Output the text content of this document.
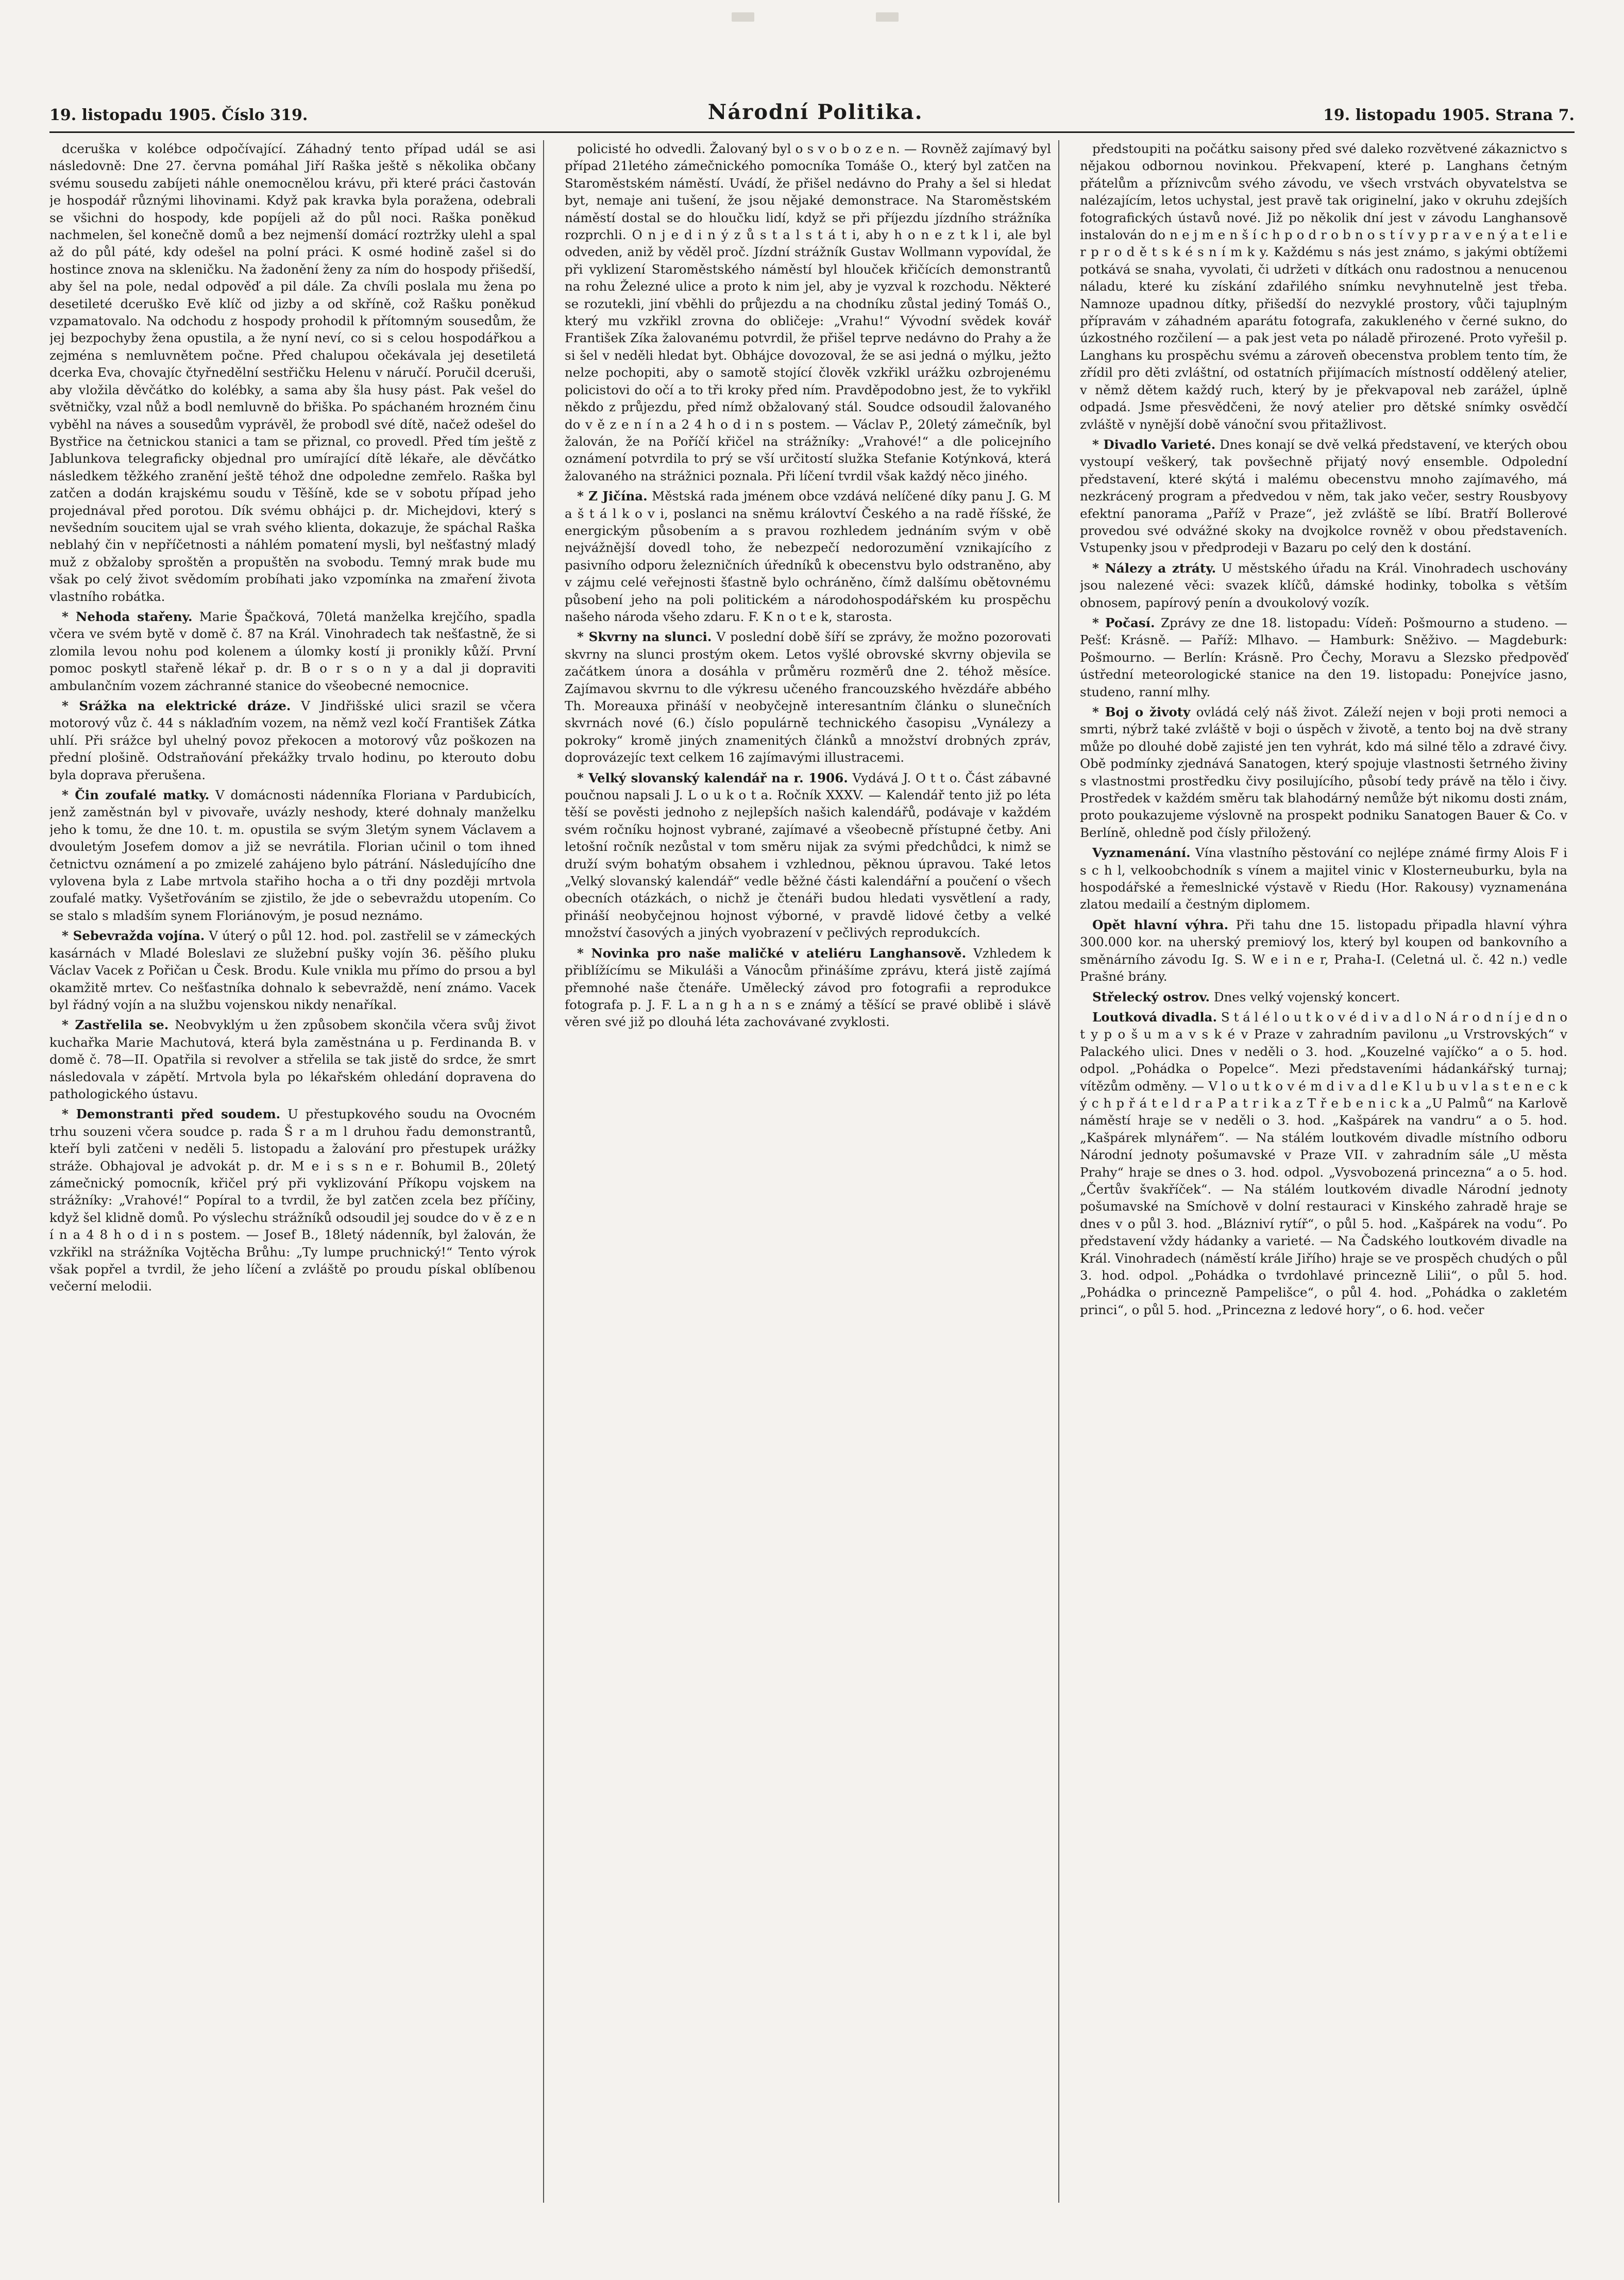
19. listopadu 1905. Číslo 319.	Národní Politika.	19. listopadu 1905. Strana 7.

dceruška v kolébce odpočívající. Záhadný tento případ udál se asi následovně: Dne 27. června pomáhal Jiří Raška ještě s několika občany svému sousedu zabíjeti náhle onemocnělou krávu, při které práci častován je hospodář různými lihovinami. Když pak kravka byla poražena, odebrali se všichni do hospody, kde popíjeli až do půl noci. Raška poněkud nachmelen, šel konečně domů a bez nejmenší domácí roztržky ulehl a spal až do půl páté, kdy odešel na polní práci. K osmé hodině zašel si do hostince znova na skleničku. Na žadonění ženy za ním do hospody přišedší, aby šel na pole, nedal odpověď a pil dále. Za chvíli poslala mu žena po desetileté dceruško Evě klíč od jizby a od skříně, což Rašku poněkud vzpamatovalo. Na odchodu z hospody prohodil k přítomným sousedům, že jej bezpochyby žena opustila, a že nyní neví, co si s celou hospodářkou a zejména s nemluvnětem počne. Před chalupou očekávala jej desetiletá dcerka Eva, chovajíc čtyřnedělní sestřičku Helenu v náručí. Poručil dceruši, aby vložila děvčátko do kolébky, a sama aby šla husy pást. Pak vešel do světničky, vzal nůž a bodl nemluvně do břiška. Po spáchaném hrozném činu vyběhl na náves a sousedům vyprávěl, že probodl své dítě, načež odešel do Bystřice na četnickou stanici a tam se přiznal, co provedl. Před tím ještě z Jablunkova telegraficky objednal pro umírající dítě lékaře, ale děvčátko následkem těžkého zranění ještě téhož dne odpoledne zemřelo. Raška byl zatčen a dodán krajskému soudu v Těšíně, kde se v sobotu případ jeho projednával před porotou. Dík svému obhájci p. dr. Michejdovi, který s nevšedním soucitem ujal se vrah svého klienta, dokazuje, že spáchal Raška neblahý čin v nepříčetnosti a náhlém pomatení mysli, byl nešťastný mladý muž z obžaloby sproštěn a propuštěn na svobodu. Temný mrak bude mu však po celý život svědomím probíhati jako vzpomínka na zmaření života vlastního robátka.

* Nehoda stařeny. Marie Špačková, 70letá manželka krejčího, spadla včera ve svém bytě v domě č. 87 na Král. Vinohradech tak nešťastně, že si zlomila levou nohu pod kolenem a úlomky kostí ji pronikly kůží. První pomoc poskytl stařeně lékař p. dr. B o r s o n y a dal ji dopraviti ambulančním vozem záchranné stanice do všeobecné nemocnice.

* Srážka na elektrické dráze. V Jindřišské ulici srazil se včera motorový vůz č. 44 s náklaďním vozem, na němž vezl kočí František Zátka uhlí. Při srážce byl uhelný povoz překocen a motorový vůz poškozen na přední plošině. Odstraňování překážky trvalo hodinu, po kterouto dobu byla doprava přerušena.

* Čin zoufalé matky. V domácnosti nádenníka Floriana v Pardubicích, jenž zaměstnán byl v pivovaře, uvázly neshody, které dohnaly manželku jeho k tomu, že dne 10. t. m. opustila se svým 3letým synem Václavem a dvouletým Josefem domov a již se nevrátila. Florian učinil o tom ihned četnictvu oznámení a po zmizelé zahájeno bylo pátrání. Následujícího dne vylovena byla z Labe mrtvola stařiho hocha a o tři dny později mrtvola zoufalé matky. Vyšetřováním se zjistilo, že jde o sebevraždu utopením. Co se stalo s mladším synem Floriánovým, je posud neznámo.

* Sebevražda vojína. V úterý o půl 12. hod. pol. zastřelil se v zámeckých kasárnách v Mladé Boleslavi ze služební pušky vojín 36. pěšího pluku Václav Vacek z Pořičan u Česk. Brodu. Kule vnikla mu přímo do prsou a byl okamžitě mrtev. Co nešťastníka dohnalo k sebevraždě, není známo. Vacek byl řádný vojín a na službu vojenskou nikdy nenaříkal.

* Zastřelila se. Neobvyklým u žen způsobem skončila včera svůj život kuchařka Marie Machutová, která byla zaměstnána u p. Ferdinanda B. v domě č. 78—II. Opatřila si revolver a střelila se tak jistě do srdce, že smrt následovala v zápětí. Mrtvola byla po lékařském ohledání dopravena do pathologického ústavu.

* Demonstranti před soudem. U přestupkového soudu na Ovocném trhu souzeni včera soudce p. rada Š r a m l druhou řadu demonstrantů, kteří byli zatčeni v neděli 5. listopadu a žalování pro přestupek urážky stráže. Obhajoval je advokát p. dr. M e i s s n e r. Bohumil B., 20letý zámečnický pomocník, křičel prý při vyklizování Příkopu vojskem na strážníky: „Vrahové!“ Popíral to a tvrdil, že byl zatčen zcela bez příčiny, když šel klidně domů. Po výslechu strážníků odsoudil jej soudce do v ě z e n í n a 4 8 h o d i n s postem. — Josef B., 18letý nádenník, byl žalován, že vzkřikl na strážníka Vojtěcha Brůhu: „Ty lumpe pruchnický!“ Tento výrok však popřel a tvrdil, že jeho líčení a zvláště po proudu pískal oblíbenou večerní melodii.

policisté ho odvedli. Žalovaný byl o s v o b o z e n. — Rovněž zajímavý byl případ 21letého zámečnického pomocníka Tomáše O., který byl zatčen na Staroměstském náměstí. Uvádí, že přišel nedávno do Prahy a šel si hledat byt, nemaje ani tušení, že jsou nějaké demonstrace. Na Staroměstském náměstí dostal se do hloučku lidí, když se při příjezdu jízdního strážníka rozprchli. O n j e d i n ý z ů s t a l s t á t i, aby h o n e z t k l i, ale byl odveden, aniž by věděl proč. Jízdní strážník Gustav Wollmann vypovídal, že při vyklizení Staroměstského náměstí byl hlouček křičících demonstrantů na rohu Železné ulice a proto k nim jel, aby je vyzval k rozchodu. Některé se rozutekli, jiní vběhli do průjezdu a na chodníku zůstal jediný Tomáš O., který mu vzkřikl zrovna do obličeje: „Vrahu!“ Vývodní svědek kovář František Zíka žalovanému potvrdil, že přišel teprve nedávno do Prahy a že si šel v neděli hledat byt. Obhájce dovozoval, že se asi jedná o mýlku, ježto nelze pochopiti, aby o samotě stojící člověk vzkřikl urážku ozbrojenému policistovi do očí a to tři kroky před ním. Pravděpodobno jest, že to vykřikl někdo z průjezdu, před nímž obžalovaný stál. Soudce odsoudil žalovaného do v ě z e n í n a 2 4 h o d i n s postem. — Václav P., 20letý zámečník, byl žalován, že na Poříčí křičel na strážníky: „Vrahové!“ a dle policejního oznámení potvrdila to prý se vší určitostí služka Stefanie Kotýnková, která žalovaného na strážnici poznala. Při líčení tvrdil však každý něco jiného.

* Z Jičína. Městská rada jménem obce vzdává nelíčené díky panu J. G. M a š t á l k o v i, poslanci na sněmu královtví Českého a na radě říšské, že energickým působením a s pravou rozhledem jednáním svým v obě nejvážnější dovedl toho, že nebezpečí nedorozumění vznikajícího z pasivního odporu železničních úředníků k obecenstvu bylo odstraněno, aby v zájmu celé veřejnosti šťastně bylo ochráněno, čímž dalšímu obětovnému působení jeho na poli politickém a národohospodářském ku prospěchu našeho národa všeho zdaru. F. K n o t e k, starosta.

* Skvrny na slunci. V poslední době šíří se zprávy, že možno pozorovati skvrny na slunci prostým okem. Letos vyšlé obrovské skvrny objevila se začátkem února a dosáhla v průměru rozměrů dne 2. téhož měsíce. Zajímavou skvrnu to dle výkresu učeného francouzského hvězdáře abbého Th. Moreauxa přináší v neobyčejně interesantním článku o slunečních skvrnách nové (6.) číslo populárně technického časopisu „Vynálezy a pokroky“ kromě jiných znamenitých článků a množství drobných zpráv, doprovázejíc text celkem 16 zajímavými illustracemi.

* Velký slovanský kalendář na r. 1906. Vydává J. O t t o. Část zábavné poučnou napsali J. L o u k o t a. Ročník XXXV. — Kalendář tento již po léta těší se pověsti jednoho z nejlepších našich kalendářů, podávaje v každém svém ročníku hojnost vybrané, zajímavé a všeobecně přístupné četby. Ani letošní ročník nezůstal v tom směru nijak za svými předchůdci, k nimž se druží svým bohatým obsahem i vzhlednou, pěknou úpravou. Také letos „Velký slovanský kalendář“ vedle běžné části kalendářní a poučení o všech obecních otázkách, o nichž je čtenáři budou hledati vysvětlení a rady, přináší neobyčejnou hojnost výborné, v pravdě lidové četby a velké množství časových a jiných vyobrazení v pečlivých reprodukcích.

* Novinka pro naše maličké v ateliéru Langhansově. Vzhledem k přiblížícímu se Mikuláši a Vánocům přinášíme zprávu, která jistě zajímá přemnohé naše čtenáře. Umělecký závod pro fotografii a reprodukce fotografa p. J. F. L a n g h a n s e známý a těšící se pravé oblibě i slávě věren své již po dlouhá léta zachovávané zvyklosti.

předstoupiti na počátku saisony před své daleko rozvětvené zákaznictvo s nějakou odbornou novinkou. Překvapení, které p. Langhans četným přátelům a příznivcům svého závodu, ve všech vrstvách obyvatelstva se nalézajícím, letos uchystal, jest pravě tak originelní, jako v okruhu zdejších fotografických ústavů nové. Již po několik dní jest v závodu Langhansově instalován do n e j m e n š í c h p o d r o b n o s t í v y p r a v e n ý a t e l i e r p r o d ě t s k é s n í m k y. Každému s nás jest známo, s jakými obtížemi potkává se snaha, vyvolati, či udržeti v dítkách onu radostnou a nenucenou náladu, které ku získání zdařilého snímku nevyhnutelně jest třeba. Namnoze upadnou dítky, přišedší do nezvyklé prostory, vůči tajuplným přípravám v záhadném aparátu fotografa, zakukleného v černé sukno, do úzkostného rozčilení — a pak jest veta po náladě přirozené. Proto vyřešil p. Langhans ku prospěchu svému a zároveň obecenstva problem tento tím, že zřídil pro děti zvláštní, od ostatních přijímacích místností oddělený atelier, v němž dětem každý ruch, který by je překvapoval neb zarážel, úplně odpadá. Jsme přesvědčeni, že nový atelier pro dětské snímky osvědčí zvláště v nynější době vánoční svou přitažlivost.

* Divadlo Varieté. Dnes konají se dvě velká představení, ve kterých obou vystoupí veškerý, tak povšechně přijatý nový ensemble. Odpolední představení, které skýtá i malému obecenstvu mnoho zajímavého, má nezkrácený program a předvedou v něm, tak jako večer, sestry Rousbyovy efektní panorama „Paříž v Praze“, jež zvláště se líbí. Bratří Bollerové provedou své odvážné skoky na dvojkolce rovněž v obou představeních. Vstupenky jsou v předprodeji v Bazaru po celý den k dostání.

* Nálezy a ztráty. U městského úřadu na Král. Vinohradech uschovány jsou nalezené věci: svazek klíčů, dámské hodinky, tobolka s větším obnosem, papírový penín a dvoukolový vozík.

* Počasí. Zprávy ze dne 18. listopadu: Vídeň: Pošmourno a studeno. — Pešť: Krásně. — Paříž: Mlhavo. — Hamburk: Sněživo. — Magdeburk: Pošmourno. — Berlín: Krásně. Pro Čechy, Moravu a Slezsko předpověď ústřední meteorologické stanice na den 19. listopadu: Ponejvíce jasno, studeno, ranní mlhy.

* Boj o životy ovládá celý náš život. Záleží nejen v boji proti nemoci a smrti, nýbrž také zvláště v boji o úspěch v životě, a tento boj na dvě strany může po dlouhé době zajisté jen ten vyhrát, kdo má silné tělo a zdravé čivy. Obě podmínky zjednává Sanatogen, který spojuje vlastnosti šetrného živiny s vlastnostmi prostředku čivy posilujícího, působí tedy právě na tělo i čivy. Prostředek v každém směru tak blahodárný nemůže být nikomu dosti znám, proto poukazujeme výslovně na prospekt podniku Sanatogen Bauer & Co. v Berlíně, ohledně pod čísly přiložený.

Vyznamenání. Vína vlastního pěstování co nejlépe známé firmy Alois F i s c h l, velkoobchodník s vínem a majitel vinic v Klosterneuburku, byla na hospodářské a řemeslnické výstavě v Riedu (Hor. Rakousy) vyznamenána zlatou medailí a čestným diplomem.

Opět hlavní výhra. Při tahu dne 15. listopadu připadla hlavní výhra 300.000 kor. na uherský premiový los, který byl koupen od bankovního a směnárního závodu Ig. S. W e i n e r, Praha-I. (Celetná ul. č. 42 n.) vedle Prašné brány.

Střelecký ostrov. Dnes velký vojenský koncert.

Loutková divadla. S t á l é l o u t k o v é d i v a d l o N á r o d n í j e d n o t y p o š u m a v s k é v Praze v zahradním pavilonu „u Vrstrovských“ v Palackého ulici. Dnes v neděli o 3. hod. „Kouzelné vajíčko“ a o 5. hod. odpol. „Pohádka o Popelce“. Mezi představeními hádankářský turnaj; vítězům odměny. — V l o u t k o v é m d i v a d l e K l u b u v l a s t e n e c k ý c h p ř á t e l d r a P a t r i k a z T ř e b e n i c k a „U Palmů“ na Karlově náměstí hraje se v neděli o 3. hod. „Kašpárek na vandru“ a o 5. hod. „Kašpárek mlynářem“. — Na stálém loutkovém divadle místního odboru Národní jednoty pošumavské v Praze VII. v zahradním sále „U města Prahy“ hraje se dnes o 3. hod. odpol. „Vysvobozená princezna“ a o 5. hod. „Čertův švakříček“. — Na stálém loutkovém divadle Národní jednoty pošumavské na Smíchově v dolní restauraci v Kinského zahradě hraje se dnes v o půl 3. hod. „Blázniví rytíř“, o půl 5. hod. „Kašpárek na vodu“. Po představení vždy hádanky a varieté. — Na Čadského loutkovém divadle na Král. Vinohradech (náměstí krále Jiřího) hraje se ve prospěch chudých o půl 3. hod. odpol. „Pohádka o tvrdohlavé princezně Lilii“, o půl 5. hod. „Pohádka o princezně Pampelišce“, o půl 4. hod. „Pohádka o zakletém princi“, o půl 5. hod. „Princezna z ledové hory“, o 6. hod. večer
